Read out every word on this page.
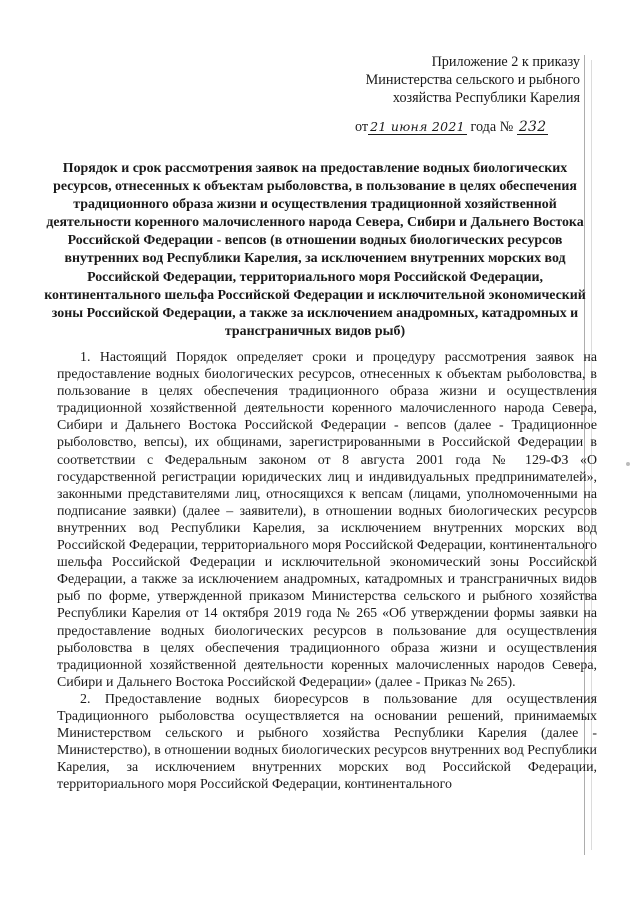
Приложение 2 к приказу
Министерства сельского и рыбного
хозяйства Республики Карелия
от 21 июня 2021 года № 232
Порядок и срок рассмотрения заявок на предоставление водных биологических ресурсов, отнесенных к объектам рыболовства, в пользование в целях обеспечения традиционного образа жизни и осуществления традиционной хозяйственной деятельности коренного малочисленного народа Севера, Сибири и Дальнего Востока Российской Федерации - вепсов (в отношении водных биологических ресурсов внутренних вод Республики Карелия, за исключением внутренних морских вод Российской Федерации, территориального моря Российской Федерации, континентального шельфа Российской Федерации и исключительной экономический зоны Российской Федерации, а также за исключением анадромных, катадромных и трансграничных видов рыб)

1. Настоящий Порядок определяет сроки и процедуру рассмотрения заявок на предоставление водных биологических ресурсов, отнесенных к объектам рыболовства, в пользование в целях обеспечения традиционного образа жизни и осуществления традиционной хозяйственной деятельности коренного малочисленного народа Севера, Сибири и Дальнего Востока Российской Федерации - вепсов (далее - Традиционное рыболовство, вепсы), их общинами, зарегистрированными в Российской Федерации в соответствии с Федеральным законом от 8 августа 2001 года № 129-ФЗ «О государственной регистрации юридических лиц и индивидуальных предпринимателей», законными представителями лиц, относящихся к вепсам (лицами, уполномоченными на подписание заявки) (далее – заявители), в отношении водных биологических ресурсов внутренних вод Республики Карелия, за исключением внутренних морских вод Российской Федерации, территориального моря Российской Федерации, континентального шельфа Российской Федерации и исключительной экономический зоны Российской Федерации, а также за исключением анадромных, катадромных и трансграничных видов рыб по форме, утвержденной приказом Министерства сельского и рыбного хозяйства Республики Карелия от 14 октября 2019 года № 265 «Об утверждении формы заявки на предоставление водных биологических ресурсов в пользование для осуществления рыболовства в целях обеспечения традиционного образа жизни и осуществления традиционной хозяйственной деятельности коренных малочисленных народов Севера, Сибири и Дальнего Востока Российской Федерации» (далее - Приказ № 265).

2. Предоставление водных биоресурсов в пользование для осуществления Традиционного рыболовства осуществляется на основании решений, принимаемых Министерством сельского и рыбного хозяйства Республики Карелия (далее - Министерство), в отношении водных биологических ресурсов внутренних вод Республики Карелия, за исключением внутренних морских вод Российской Федерации, территориального моря Российской Федерации, континентального
